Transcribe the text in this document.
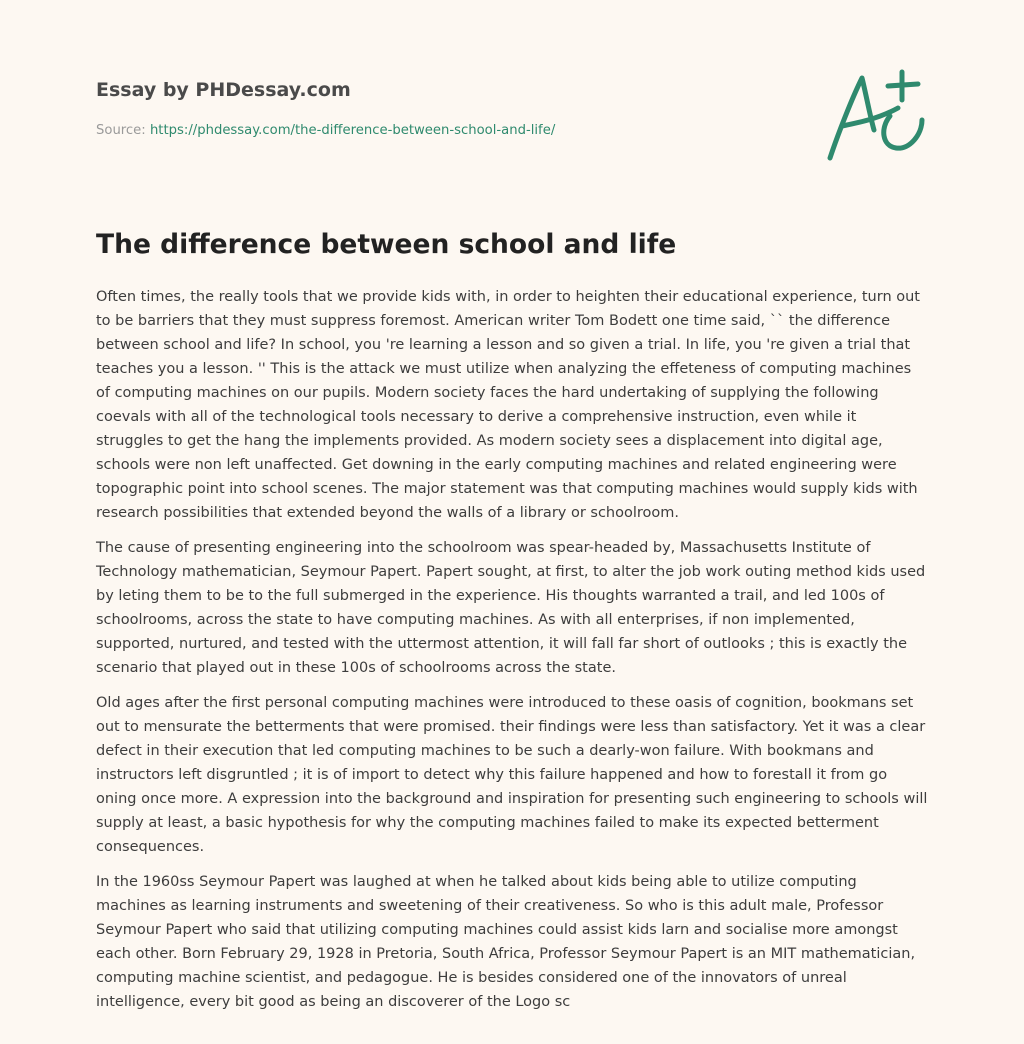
Essay by PHDessay.com
Source: https://phdessay.com/the-difference-between-school-and-life/
The difference between school and life

Often times, the really tools that we provide kids with, in order to heighten their educational experience, turn out to be barriers that they must suppress foremost. American writer Tom Bodett one time said, `` the difference between school and life? In school, you 're learning a lesson and so given a trial. In life, you 're given a trial that teaches you a lesson. '' This is the attack we must utilize when analyzing the effeteness of computing machines of computing machines on our pupils. Modern society faces the hard undertaking of supplying the following coevals with all of the technological tools necessary to derive a comprehensive instruction, even while it struggles to get the hang the implements provided. As modern society sees a displacement into digital age, schools were non left unaffected. Get downing in the early computing machines and related engineering were topographic point into school scenes. The major statement was that computing machines would supply kids with research possibilities that extended beyond the walls of a library or schoolroom.

The cause of presenting engineering into the schoolroom was spear-headed by, Massachusetts Institute of Technology mathematician, Seymour Papert. Papert sought, at first, to alter the job work outing method kids used by leting them to be to the full submerged in the experience. His thoughts warranted a trail, and led 100s of schoolrooms, across the state to have computing machines. As with all enterprises, if non implemented, supported, nurtured, and tested with the uttermost attention, it will fall far short of outlooks ; this is exactly the scenario that played out in these 100s of schoolrooms across the state.

Old ages after the first personal computing machines were introduced to these oasis of cognition, bookmans set out to mensurate the betterments that were promised. their findings were less than satisfactory. Yet it was a clear defect in their execution that led computing machines to be such a dearly-won failure. With bookmans and instructors left disgruntled ; it is of import to detect why this failure happened and how to forestall it from go oning once more. A expression into the background and inspiration for presenting such engineering to schools will supply at least, a basic hypothesis for why the computing machines failed to make its expected betterment consequences.

In the 1960ss Seymour Papert was laughed at when he talked about kids being able to utilize computing machines as learning instruments and sweetening of their creativeness. So who is this adult male, Professor Seymour Papert who said that utilizing computing machines could assist kids larn and socialise more amongst each other. Born February 29, 1928 in Pretoria, South Africa, Professor Seymour Papert is an MIT mathematician, computing machine scientist, and pedagogue. He is besides considered one of the innovators of unreal intelligence, every bit good as being an discoverer of the Logo sc
